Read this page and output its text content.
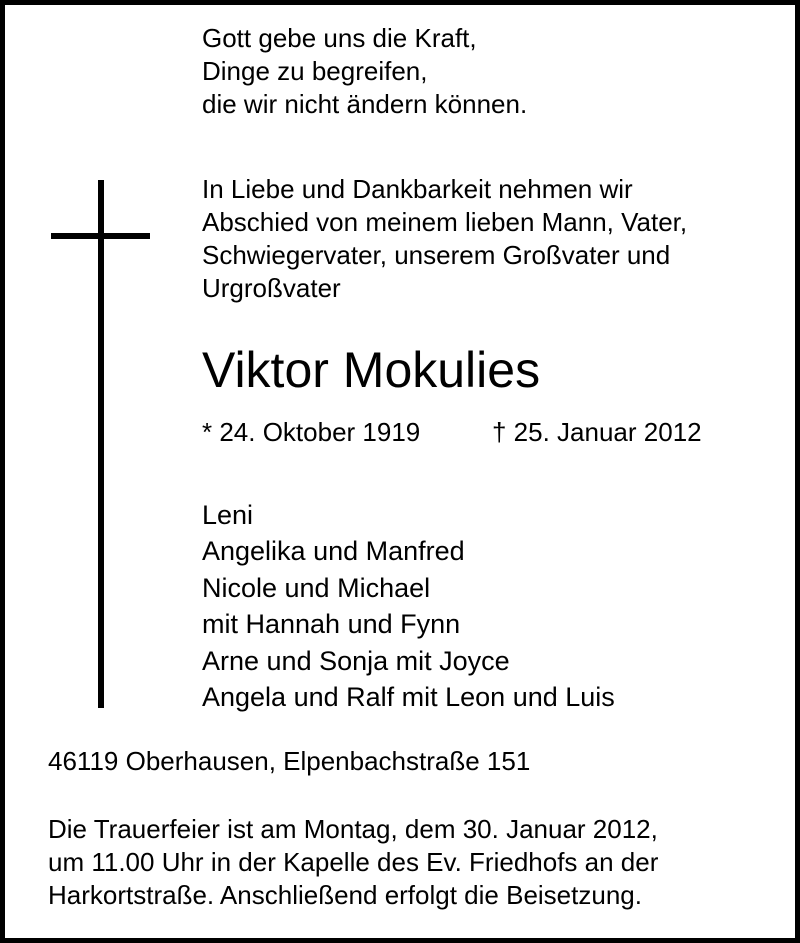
Gott gebe uns die Kraft,
Dinge zu begreifen,
die wir nicht ändern können.
In Liebe und Dankbarkeit nehmen wir
Abschied von meinem lieben Mann, Vater,
Schwiegervater, unserem Großvater und
Urgroßvater
Viktor Mokulies
* 24. Oktober 1919	† 25. Januar 2012
Leni
Angelika und Manfred
Nicole und Michael
mit Hannah und Fynn
Arne und Sonja mit Joyce
Angela und Ralf mit Leon und Luis
46119 Oberhausen, Elpenbachstraße 151
Die Trauerfeier ist am Montag, dem 30. Januar 2012,
um 11.00 Uhr in der Kapelle des Ev. Friedhofs an der
Harkortstraße. Anschließend erfolgt die Beisetzung.
